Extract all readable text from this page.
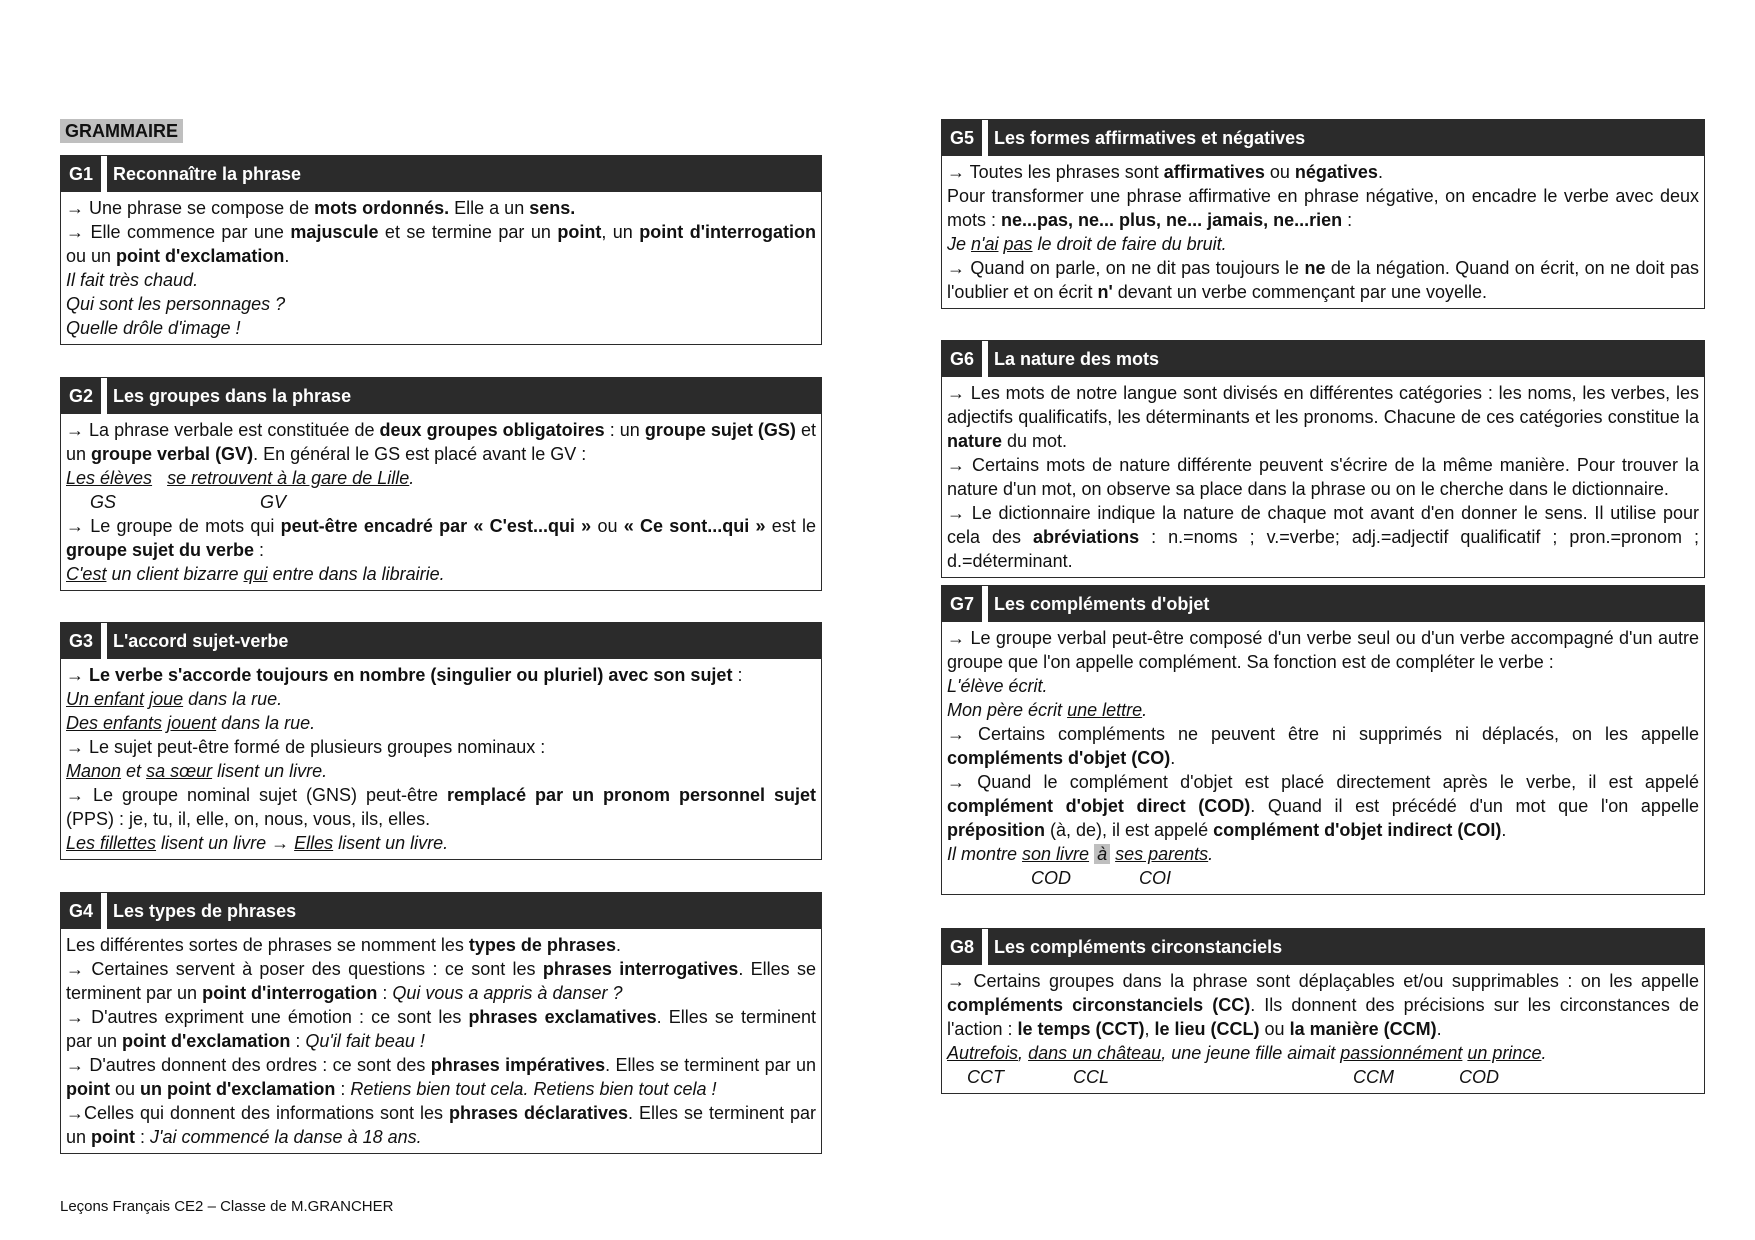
GRAMMAIRE
G1	Reconnaître la phrase

→ Une phrase se compose de mots ordonnés. Elle a un sens.

→ Elle commence par une majuscule et se termine par un point, un point d'interrogation ou un point d'exclamation.

Il fait très chaud.

Qui sont les personnages ?

Quelle drôle d'image !

G2	Les groupes dans la phrase

→ La phrase verbale est constituée de deux groupes obligatoires : un groupe sujet (GS) et un groupe verbal (GV). En général le GS est placé avant le GV :

Les élèves se retrouvent à la gare de Lille.

GS	GV

→ Le groupe de mots qui peut-être encadré par « C'est...qui » ou « Ce sont...qui » est le groupe sujet du verbe :

C'est un client bizarre qui entre dans la librairie.

G3	L'accord sujet-verbe

→ Le verbe s'accorde toujours en nombre (singulier ou pluriel) avec son sujet :

Un enfant joue dans la rue.

Des enfants jouent dans la rue.

→ Le sujet peut-être formé de plusieurs groupes nominaux :

Manon et sa sœur lisent un livre.

→ Le groupe nominal sujet (GNS) peut-être remplacé par un pronom personnel sujet (PPS) : je, tu, il, elle, on, nous, vous, ils, elles.

Les fillettes lisent un livre → Elles lisent un livre.

G4	Les types de phrases

Les différentes sortes de phrases se nomment les types de phrases.

→ Certaines servent à poser des questions : ce sont les phrases interrogatives. Elles se terminent par un point d'interrogation : Qui vous a appris à danser ?

→ D'autres expriment une émotion : ce sont les phrases exclamatives. Elles se terminent par un point d'exclamation : Qu'il fait beau !

→ D'autres donnent des ordres : ce sont des phrases impératives. Elles se terminent par un point ou un point d'exclamation : Retiens bien tout cela. Retiens bien tout cela !

→Celles qui donnent des informations sont les phrases déclaratives. Elles se terminent par un point : J'ai commencé la danse à 18 ans.

G5	Les formes affirmatives et négatives

→ Toutes les phrases sont affirmatives ou négatives.

Pour transformer une phrase affirmative en phrase négative, on encadre le verbe avec deux mots : ne...pas, ne... plus, ne... jamais, ne...rien :

Je n'ai pas le droit de faire du bruit.

→ Quand on parle, on ne dit pas toujours le ne de la négation. Quand on écrit, on ne doit pas l'oublier et on écrit n' devant un verbe commençant par une voyelle.

G6	La nature des mots

→ Les mots de notre langue sont divisés en différentes catégories : les noms, les verbes, les adjectifs qualificatifs, les déterminants et les pronoms. Chacune de ces catégories constitue la nature du mot.

→ Certains mots de nature différente peuvent s'écrire de la même manière. Pour trouver la nature d'un mot, on observe sa place dans la phrase ou on le cherche dans le dictionnaire.

→ Le dictionnaire indique la nature de chaque mot avant d'en donner le sens. Il utilise pour cela des abréviations : n.=noms ; v.=verbe; adj.=adjectif qualificatif ; pron.=pronom ; d.=déterminant.

G7	Les compléments d'objet

→ Le groupe verbal peut-être composé d'un verbe seul ou d'un verbe accompagné d'un autre groupe que l'on appelle complément. Sa fonction est de compléter le verbe :

L'élève écrit.

Mon père écrit une lettre.

→ Certains compléments ne peuvent être ni supprimés ni déplacés, on les appelle compléments d'objet (CO).

→ Quand le complément d'objet est placé directement après le verbe, il est appelé complément d'objet direct (COD). Quand il est précédé d'un mot que l'on appelle préposition (à, de), il est appelé complément d'objet indirect (COI).

Il montre son livre à ses parents.

COD	COI

G8	Les compléments circonstanciels

→ Certains groupes dans la phrase sont déplaçables et/ou supprimables : on les appelle compléments circonstanciels (CC). Ils donnent des précisions sur les circonstances de l'action : le temps (CCT), le lieu (CCL) ou la manière (CCM).

Autrefois, dans un château, une jeune fille aimait passionnément un prince.

CCT	CCL	CCM	COD

Leçons Français CE2 – Classe de M.GRANCHER
